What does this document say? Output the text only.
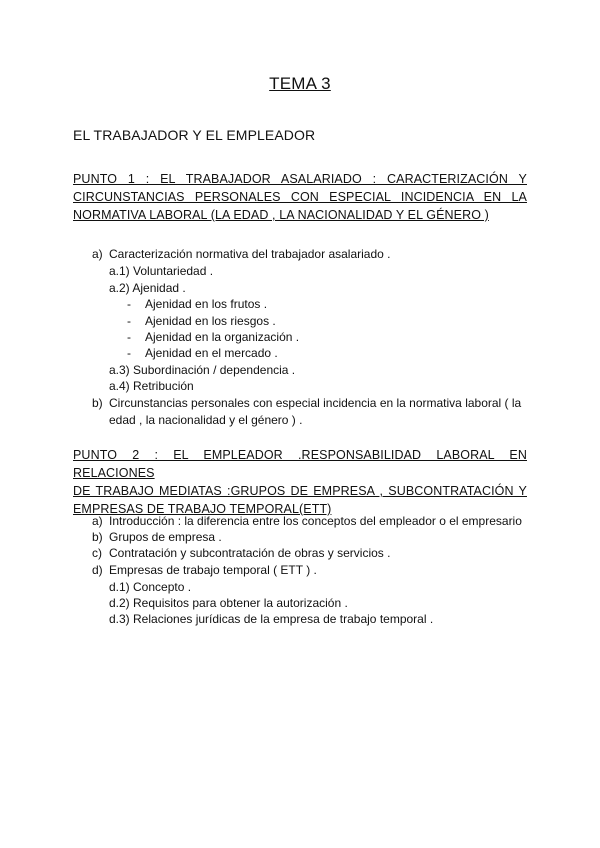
TEMA 3
EL TRABAJADOR Y EL EMPLEADOR
PUNTO 1 : EL TRABAJADOR ASALARIADO : CARACTERIZACIÓN Y
CIRCUNSTANCIAS PERSONALES CON ESPECIAL INCIDENCIA EN LA
NORMATIVA LABORAL (LA EDAD , LA NACIONALIDAD Y EL GÉNERO )
a) Caracterización normativa del trabajador asalariado .
a.1) Voluntariedad .
a.2) Ajenidad .
- Ajenidad en los frutos .
- Ajenidad en los riesgos .
- Ajenidad en la organización .
- Ajenidad en el mercado .
a.3) Subordinación / dependencia .
a.4) Retribución
b) Circunstancias personales con especial incidencia en la normativa laboral ( la
edad , la nacionalidad y el género ) .
PUNTO 2 : EL EMPLEADOR .RESPONSABILIDAD LABORAL EN RELACIONES
DE TRABAJO MEDIATAS :GRUPOS DE EMPRESA , SUBCONTRATACIÓN Y
EMPRESAS DE TRABAJO TEMPORAL(ETT)
a) Introducción : la diferencia entre los conceptos del empleador o el empresario
b) Grupos de empresa .
c) Contratación y subcontratación de obras y servicios .
d) Empresas de trabajo temporal ( ETT ) .
d.1) Concepto .
d.2) Requisitos para obtener la autorización .
d.3) Relaciones jurídicas de la empresa de trabajo temporal .
